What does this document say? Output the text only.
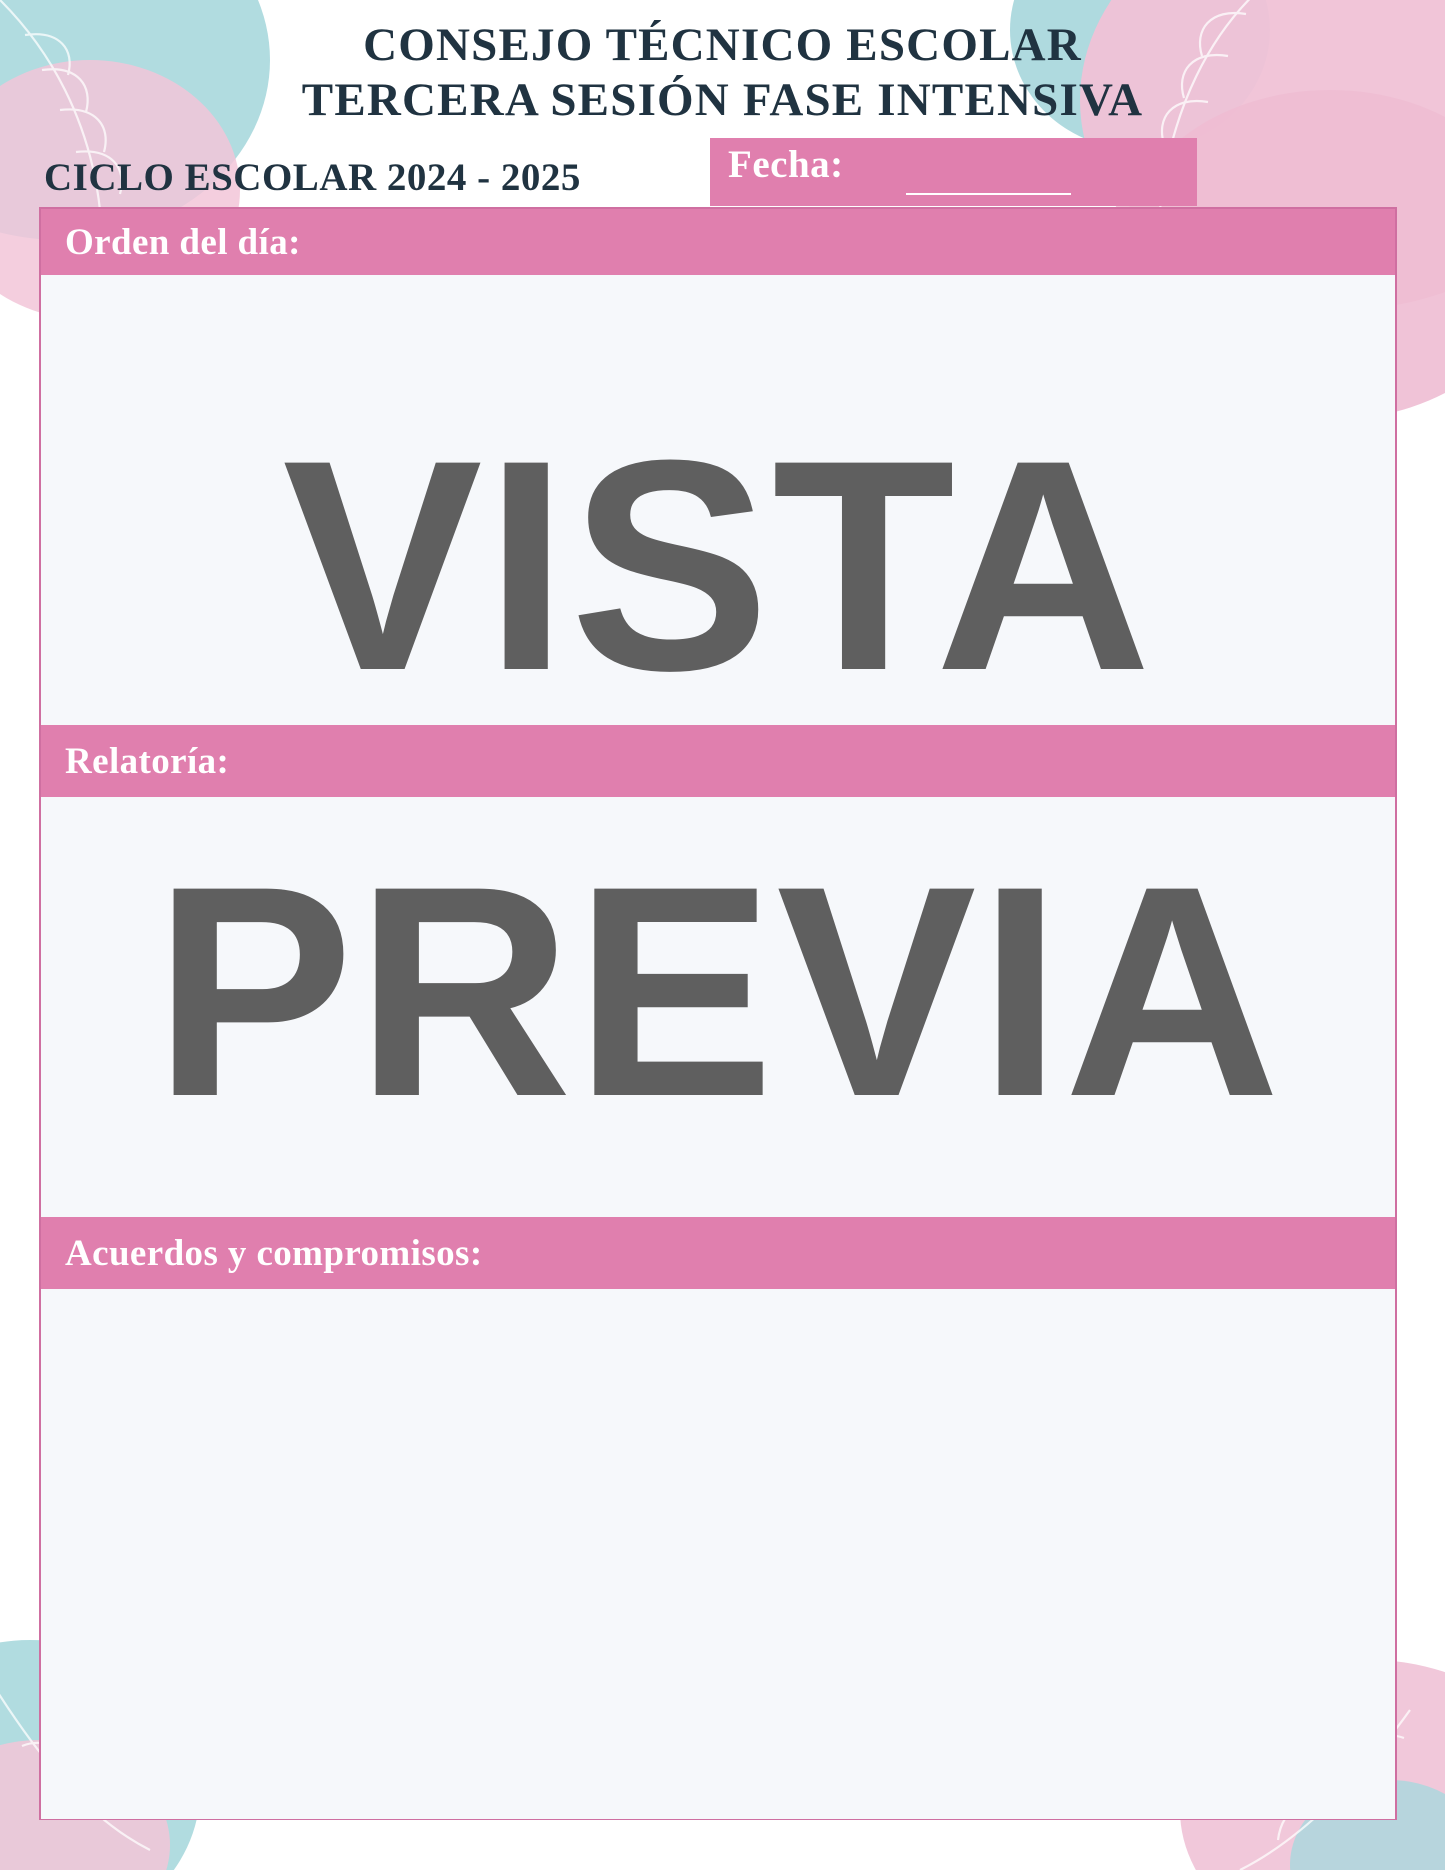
CONSEJO TÉCNICO ESCOLAR
TERCERA SESIÓN FASE INTENSIVA
Fecha:
CICLO ESCOLAR 2024 - 2025
Orden del día:
VISTA
Relatoría:
PREVIA
Acuerdos y compromisos:
